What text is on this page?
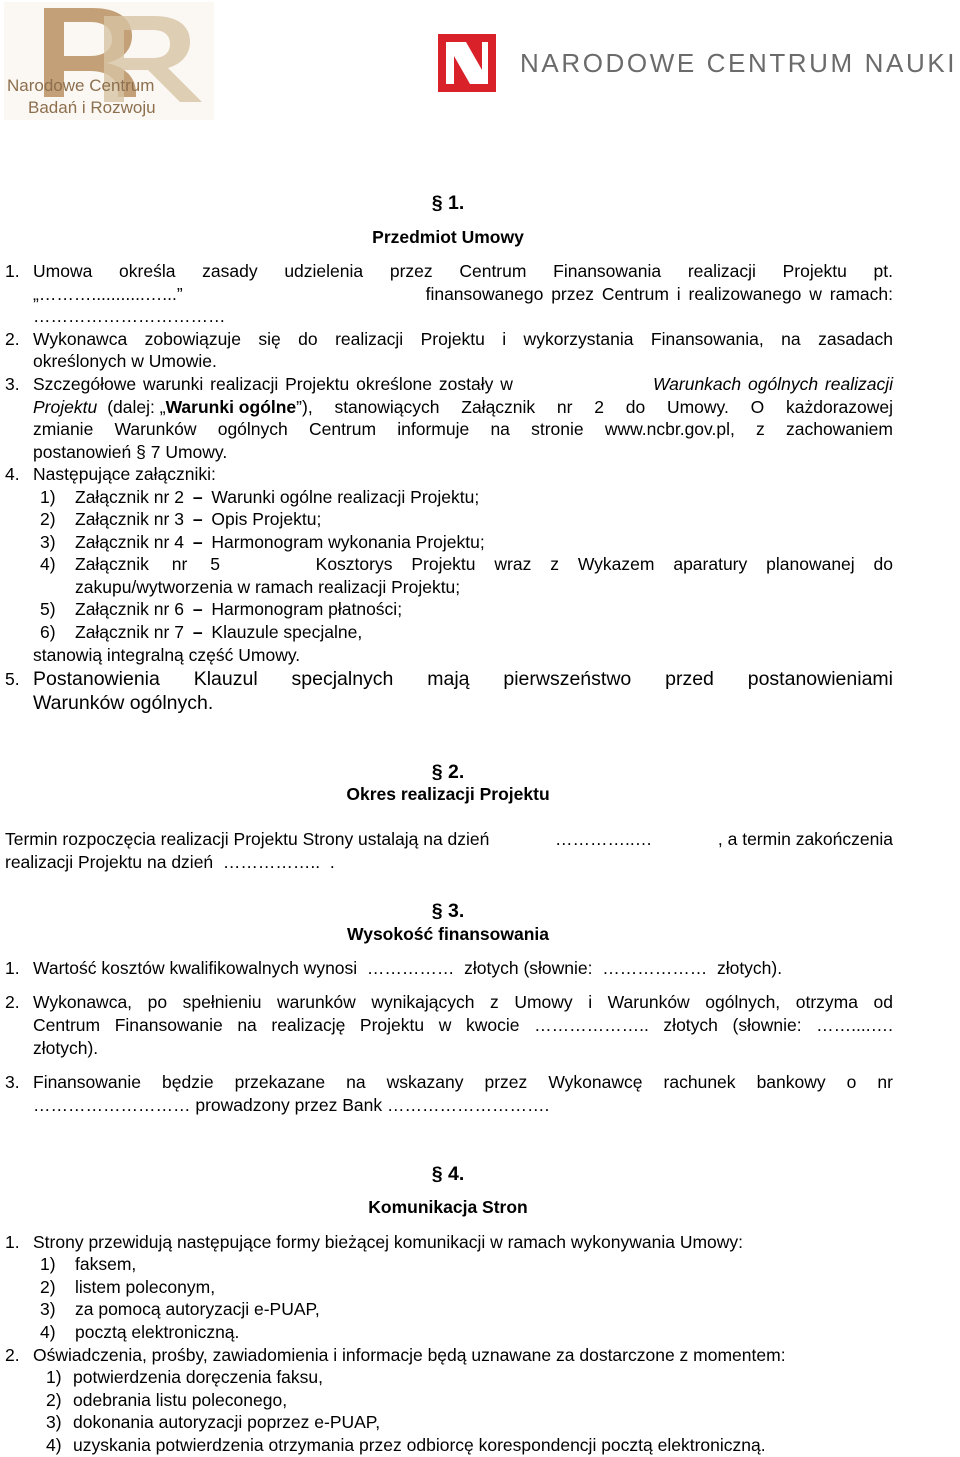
Narodowe Centrum
Badań i Rozwoju
NARODOWE CENTRUM NAUKI
§ 1.
Przedmiot Umowy
1. Umowa określa zasady udzielenia przez Centrum Finansowania realizacji Projektu pt.
„………...........…...”	finansowanego przez Centrum i realizowanego w ramach:
……………………………
2. Wykonawca zobowiązuje się do realizacji Projektu i wykorzystania Finansowania, na zasadach
określonych w Umowie.
3. Szczegółowe warunki realizacji Projektu określone zostały w	Warunkach ogólnych realizacji
Projektu (dalej: „ Warunki ogólne ”), stanowiących Załącznik nr 2 do Umowy. O każdorazowej
zmianie Warunków ogólnych Centrum informuje na stronie www.ncbr.gov.pl, z zachowaniem
postanowień § 7 Umowy.
4. Następujące załączniki:
1) Załącznik nr 2 – Warunki ogólne realizacji Projektu;
2) Załącznik nr 3 – Opis Projektu;
3) Załącznik nr 4 – Harmonogram wykonania Projektu;
4) Załącznik nr 5	Kosztorys Projektu wraz z Wykazem aparatury planowanej do
zakupu/wytworzenia w ramach realizacji Projektu;
5) Załącznik nr 6 – Harmonogram płatności;
6) Załącznik nr 7 – Klauzule specjalne,
stanowią integralną część Umowy.
5. Postanowienia Klauzul specjalnych mają pierwszeństwo przed postanowieniami
Warunków ogólnych.
§ 2.
Okres realizacji Projektu
Termin rozpoczęcia realizacji Projektu Strony ustalają na dzień	…………..…	, a termin zakończenia
realizacji Projektu na dzień  ……………..  .
§ 3.
Wysokość finansowania
1. Wartość kosztów kwalifikowalnych wynosi  ……………  złotych (słownie:  ………………  złotych).
2. Wykonawca, po spełnieniu warunków wynikających z Umowy i Warunków ogólnych, otrzyma od
Centrum Finansowanie na realizację Projektu w kwocie ……………….. złotych (słownie: ……....….
złotych).
3. Finansowanie będzie przekazane na wskazany przez Wykonawcę rachunek bankowy o nr
……………………… prowadzony przez Bank ……………………….
§ 4.
Komunikacja Stron
1. Strony przewidują następujące formy bieżącej komunikacji w ramach wykonywania Umowy:
1) faksem,
2) listem poleconym,
3) za pomocą autoryzacji e-PUAP,
4) pocztą elektroniczną.
2. Oświadczenia, prośby, zawiadomienia i informacje będą uznawane za dostarczone z momentem:
1) potwierdzenia doręczenia faksu,
2) odebrania listu poleconego,
3) dokonania autoryzacji poprzez e-PUAP,
4) uzyskania potwierdzenia otrzymania przez odbiorcę korespondencji pocztą elektroniczną.
